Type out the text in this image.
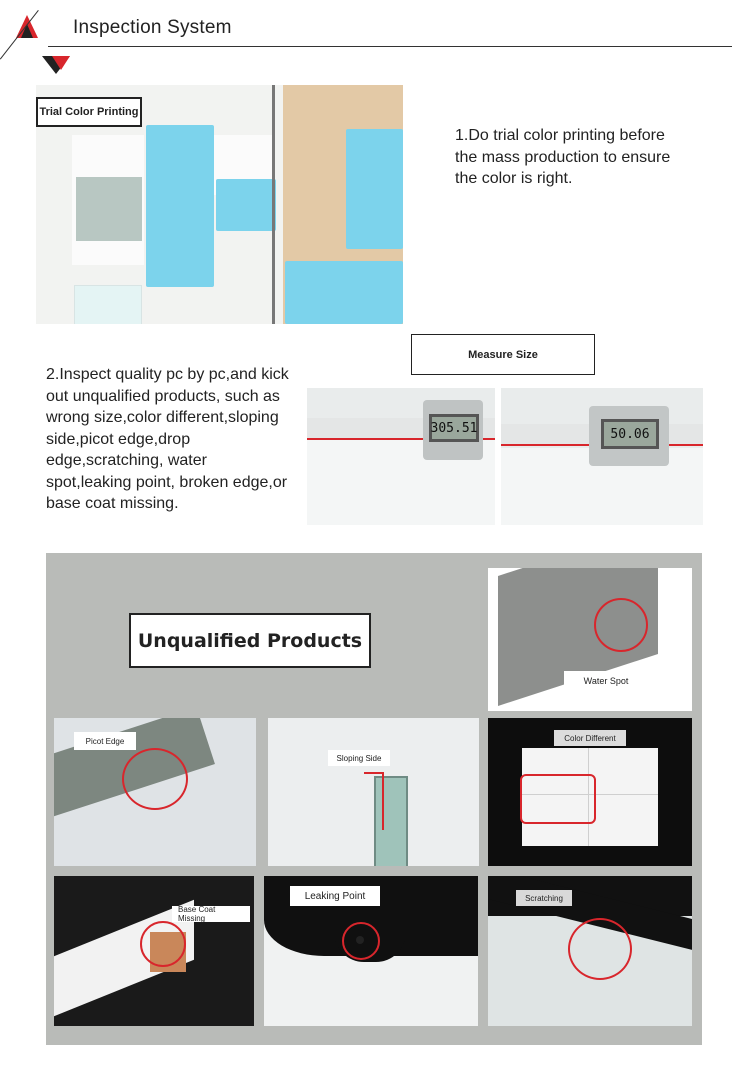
Inspection System
Trial Color Printing
1.Do trial color printing before the mass production to ensure the color is right.
2.Inspect quality pc by pc,and kick out unqualified products, such as wrong size,color different,sloping side,picot edge,drop edge,scratching, water spot,leaking point, broken edge,or base coat missing.
Measure Size
305.51	50.06
Unqualified Products
Water Spot
Picot Edge
Sloping Side
Color Different
Base Coat Missing
Leaking Point	Scratching
